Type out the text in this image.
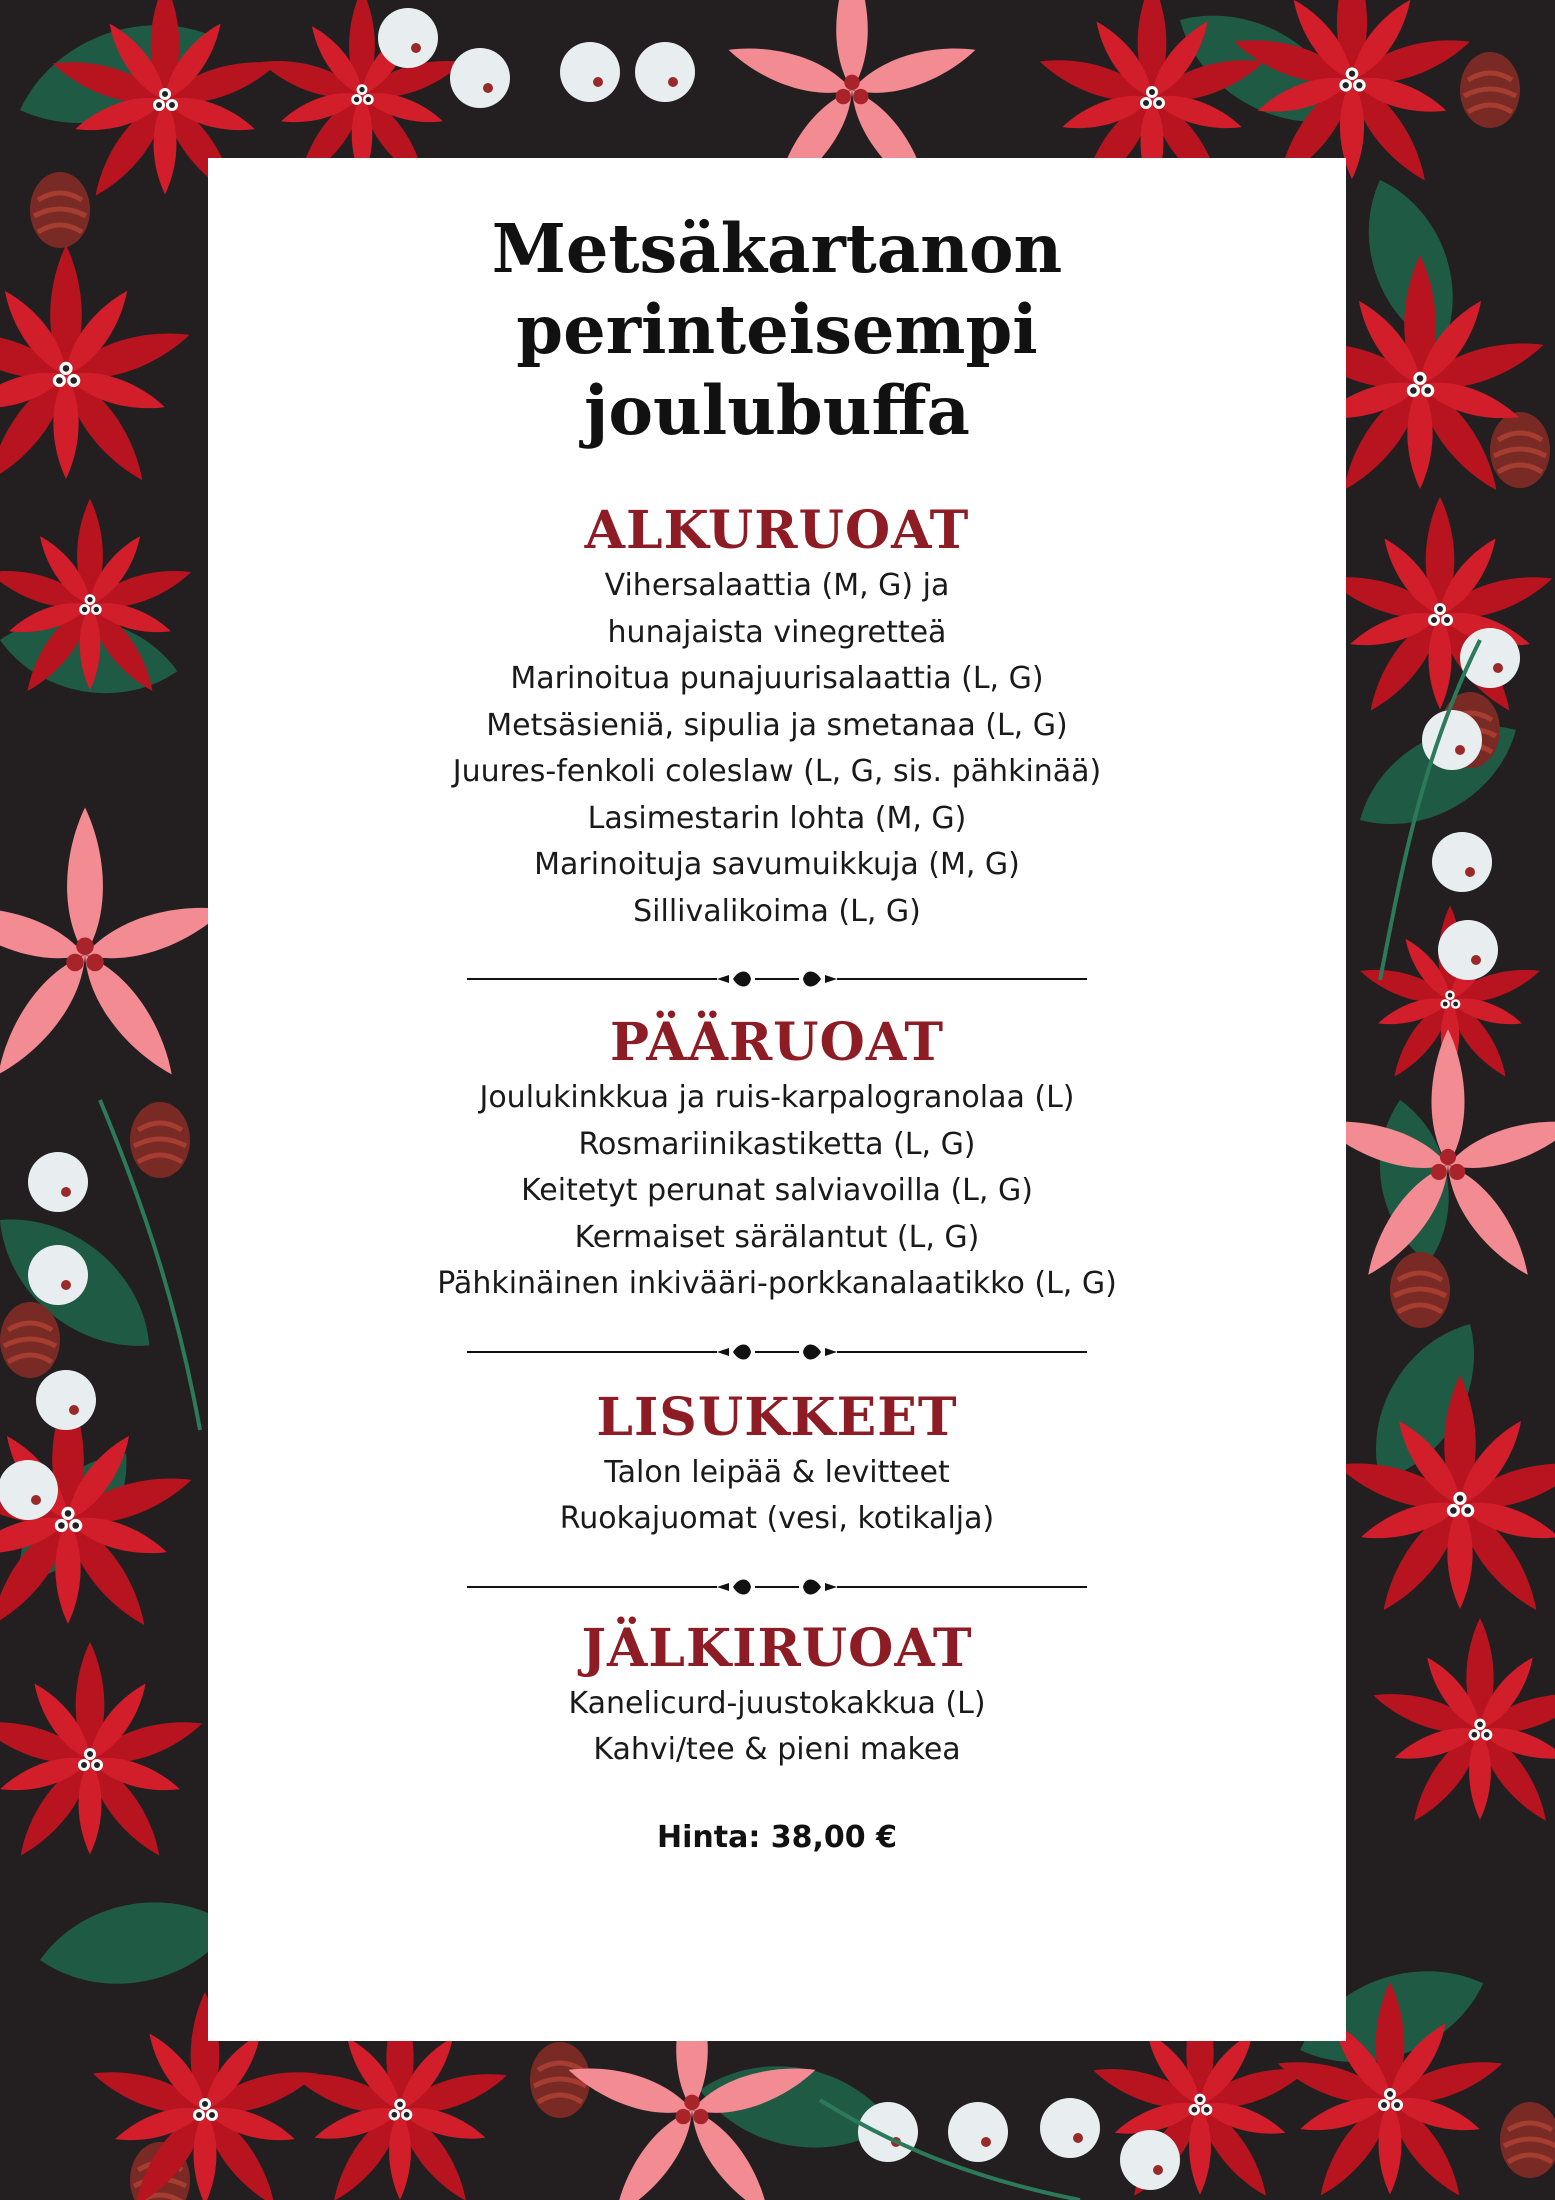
Metsäkartanon
perinteisempi
joulubuffa
ALKURUOAT
Vihersalaattia (M, G) ja
hunajaista vinegretteä
Marinoitua punajuurisalaattia (L, G)
Metsäsieniä, sipulia ja smetanaa (L, G)
Juures-fenkoli coleslaw (L, G, sis. pähkinää)
Lasimestarin lohta (M, G)
Marinoituja savumuikkuja (M, G)
Sillivalikoima (L, G)
PÄÄRUOAT
Joulukinkkua ja ruis-karpalogranolaa (L)
Rosmariinikastiketta (L, G)
Keitetyt perunat salviavoilla (L, G)
Kermaiset särälantut (L, G)
Pähkinäinen inkivääri-porkkanalaatikko (L, G)
LISUKKEET
Talon leipää & levitteet
Ruokajuomat (vesi, kotikalja)
JÄLKIRUOAT
Kanelicurd-juustokakkua (L)
Kahvi/tee & pieni makea
Hinta: 38,00 €
